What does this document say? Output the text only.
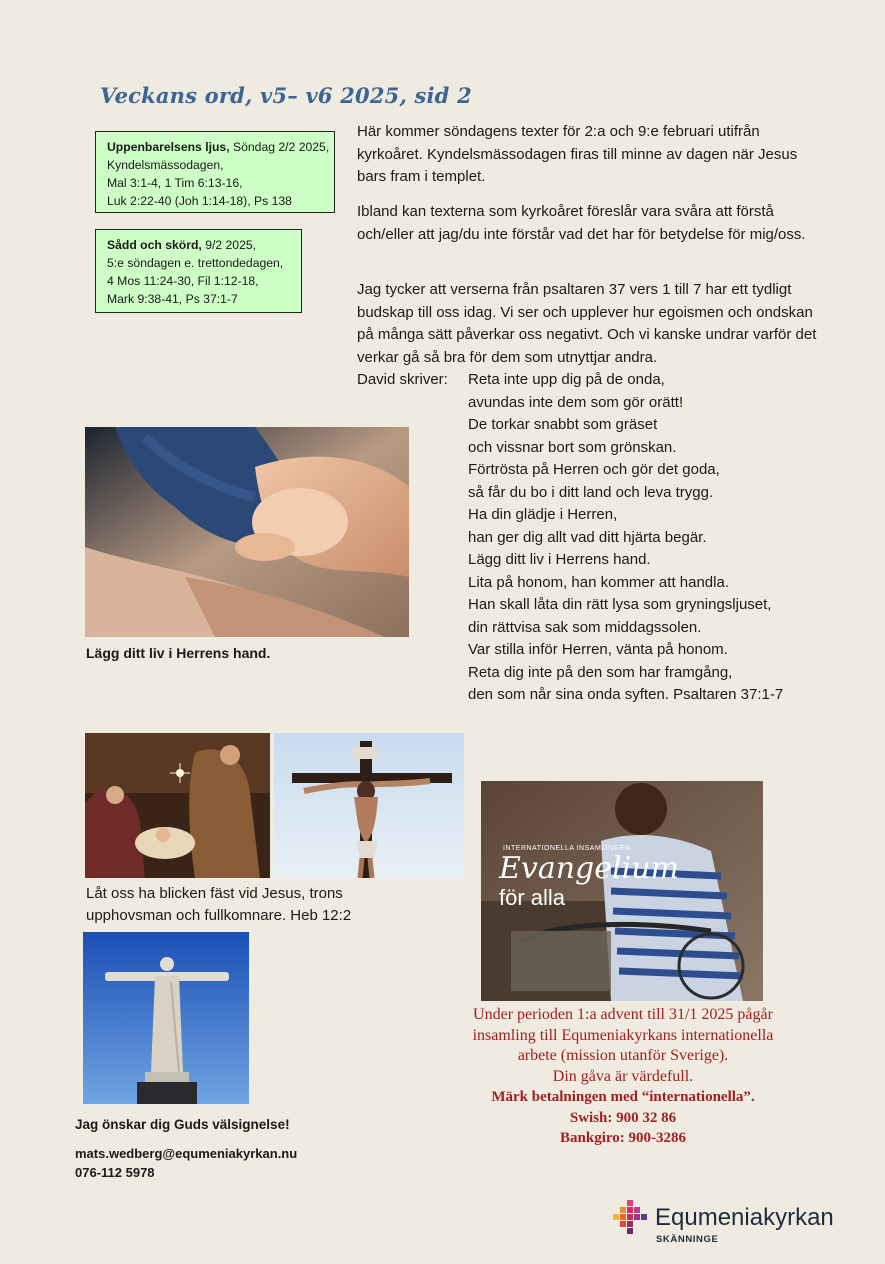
Veckans ord, v5– v6 2025, sid 2
Uppenbarelsens ljus, Söndag 2/2 2025,
Kyndelsmässodagen,
Mal 3:1-4, 1 Tim 6:13-16,
Luk 2:22-40 (Joh 1:14-18), Ps 138
Sådd och skörd, 9/2 2025,
5:e söndagen e. trettondedagen,
4 Mos 11:24-30, Fil 1:12-18,
Mark 9:38-41, Ps 37:1-7
Här kommer söndagens texter för 2:a och 9:e februari utifrån kyrkoåret. Kyndelsmässodagen firas till minne av dagen när Jesus bars fram i templet.
Ibland kan texterna som kyrkoåret föreslår vara svåra att förstå och/eller att jag/du inte förstår vad det har för betydelse för mig/oss.
Jag tycker att verserna från psaltaren 37 vers 1 till 7 har ett tydligt budskap till oss idag. Vi ser och upplever hur egoismen och ondskan på många sätt påverkar oss negativt. Och vi kanske undrar varför det verkar gå så bra för dem som utnyttjar andra.
David skriver: Reta inte upp dig på de onda,
avundas inte dem som gör orätt!
De torkar snabbt som gräset
och vissnar bort som grönskan.
Förtrösta på Herren och gör det goda,
så får du bo i ditt land och leva trygg.
Ha din glädje i Herren,
han ger dig allt vad ditt hjärta begär.
Lägg ditt liv i Herrens hand.
Lita på honom, han kommer att handla.
Han skall låta din rätt lysa som gryningsljuset,
din rättvisa sak som middagssolen.
Var stilla inför Herren, vänta på honom.
Reta dig inte på den som har framgång,
den som når sina onda syften. Psaltaren 37:1-7
Lägg ditt liv i Herrens hand.
Låt oss ha blicken fäst vid Jesus, trons
upphovsman och fullkomnare. Heb 12:2
Jag önskar dig Guds välsignelse!
mats.wedberg@equmeniakyrkan.nu
076-112 5978
INTERNATIONELLA INSAMLINGEN
Evangelium
för alla
Under perioden 1:a advent till 31/1 2025 pågår
insamling till Equmeniakyrkans internationella
arbete (mission utanför Sverige).
Din gåva är värdefull.
Märk betalningen med “internationella”.
Swish: 900 32 86
Bankgiro: 900-3286
Equmeniakyrkan
SKÄNNINGE
